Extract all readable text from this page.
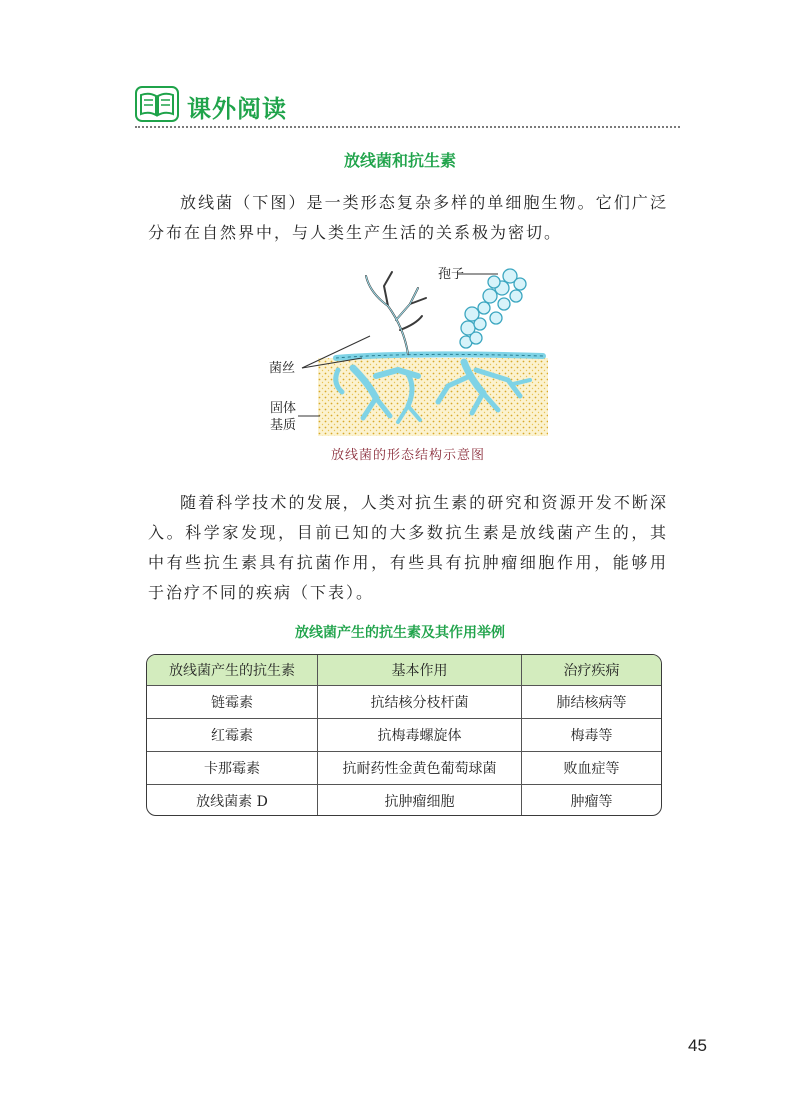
课外阅读
放线菌和抗生素

放线菌（下图）是一类形态复杂多样的单细胞生物。它们广泛分布在自然界中，与人类生产生活的关系极为密切。

菌丝
固体基质
孢子
放线菌的形态结构示意图

随着科学技术的发展，人类对抗生素的研究和资源开发不断深入。科学家发现，目前已知的大多数抗生素是放线菌产生的，其中有些抗生素具有抗菌作用，有些具有抗肿瘤细胞作用，能够用于治疗不同的疾病（下表）。

放线菌产生的抗生素及其作用举例
放线菌产生的抗生素	基本作用	治疗疾病
链霉素	抗结核分枝杆菌	肺结核病等
红霉素	抗梅毒螺旋体	梅毒等
卡那霉素	抗耐药性金黄色葡萄球菌	败血症等
放线菌素 D	抗肿瘤细胞	肿瘤等
45
